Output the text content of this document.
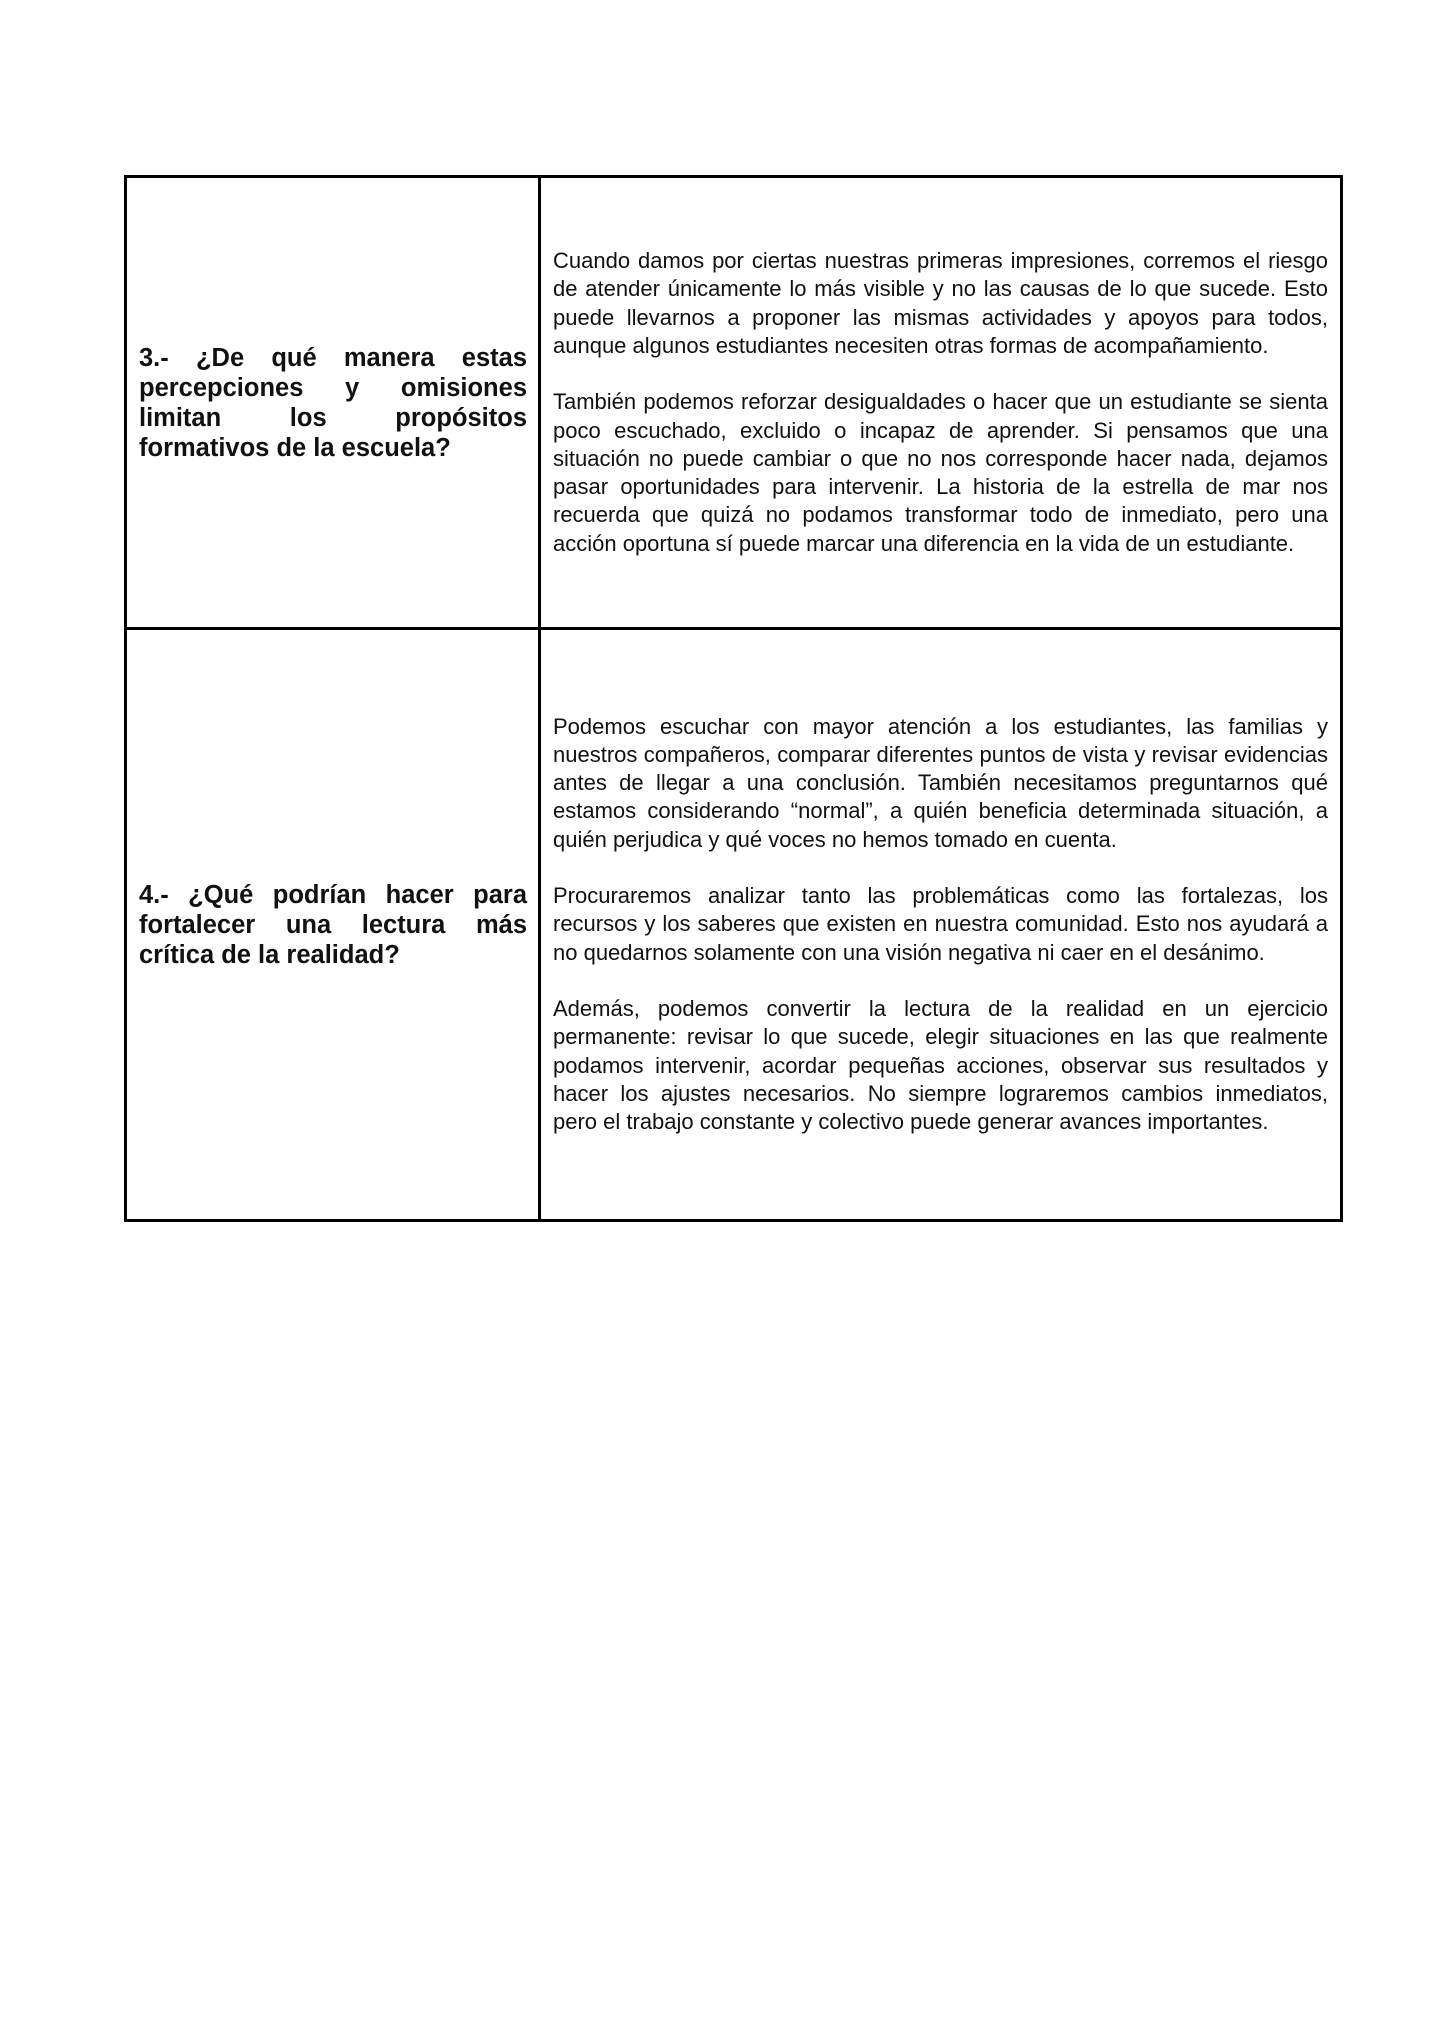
3.- ¿De qué manera estas percepciones y omisiones limitan los propósitos formativos de la escuela?	Cuando damos por ciertas nuestras primeras impresiones, corremos el riesgo de atender únicamente lo más visible y no las causas de lo que sucede. Esto puede llevarnos a proponer las mismas actividades y apoyos para todos, aunque algunos estudiantes necesiten otras formas de acompañamiento.

También podemos reforzar desigualdades o hacer que un estudiante se sienta poco escuchado, excluido o incapaz de aprender. Si pensamos que una situación no puede cambiar o que no nos corresponde hacer nada, dejamos pasar oportunidades para intervenir. La historia de la estrella de mar nos recuerda que quizá no podamos transformar todo de inmediato, pero una acción oportuna sí puede marcar una diferencia en la vida de un estudiante.

4.- ¿Qué podrían hacer para fortalecer una lectura más crítica de la realidad?	Podemos escuchar con mayor atención a los estudiantes, las familias y nuestros compañeros, comparar diferentes puntos de vista y revisar evidencias antes de llegar a una conclusión. También necesitamos preguntarnos qué estamos considerando “normal”, a quién beneficia determinada situación, a quién perjudica y qué voces no hemos tomado en cuenta.

Procuraremos analizar tanto las problemáticas como las fortalezas, los recursos y los saberes que existen en nuestra comunidad. Esto nos ayudará a no quedarnos solamente con una visión negativa ni caer en el desánimo.

Además, podemos convertir la lectura de la realidad en un ejercicio permanente: revisar lo que sucede, elegir situaciones en las que realmente podamos intervenir, acordar pequeñas acciones, observar sus resultados y hacer los ajustes necesarios. No siempre lograremos cambios inmediatos, pero el trabajo constante y colectivo puede generar avances importantes.
